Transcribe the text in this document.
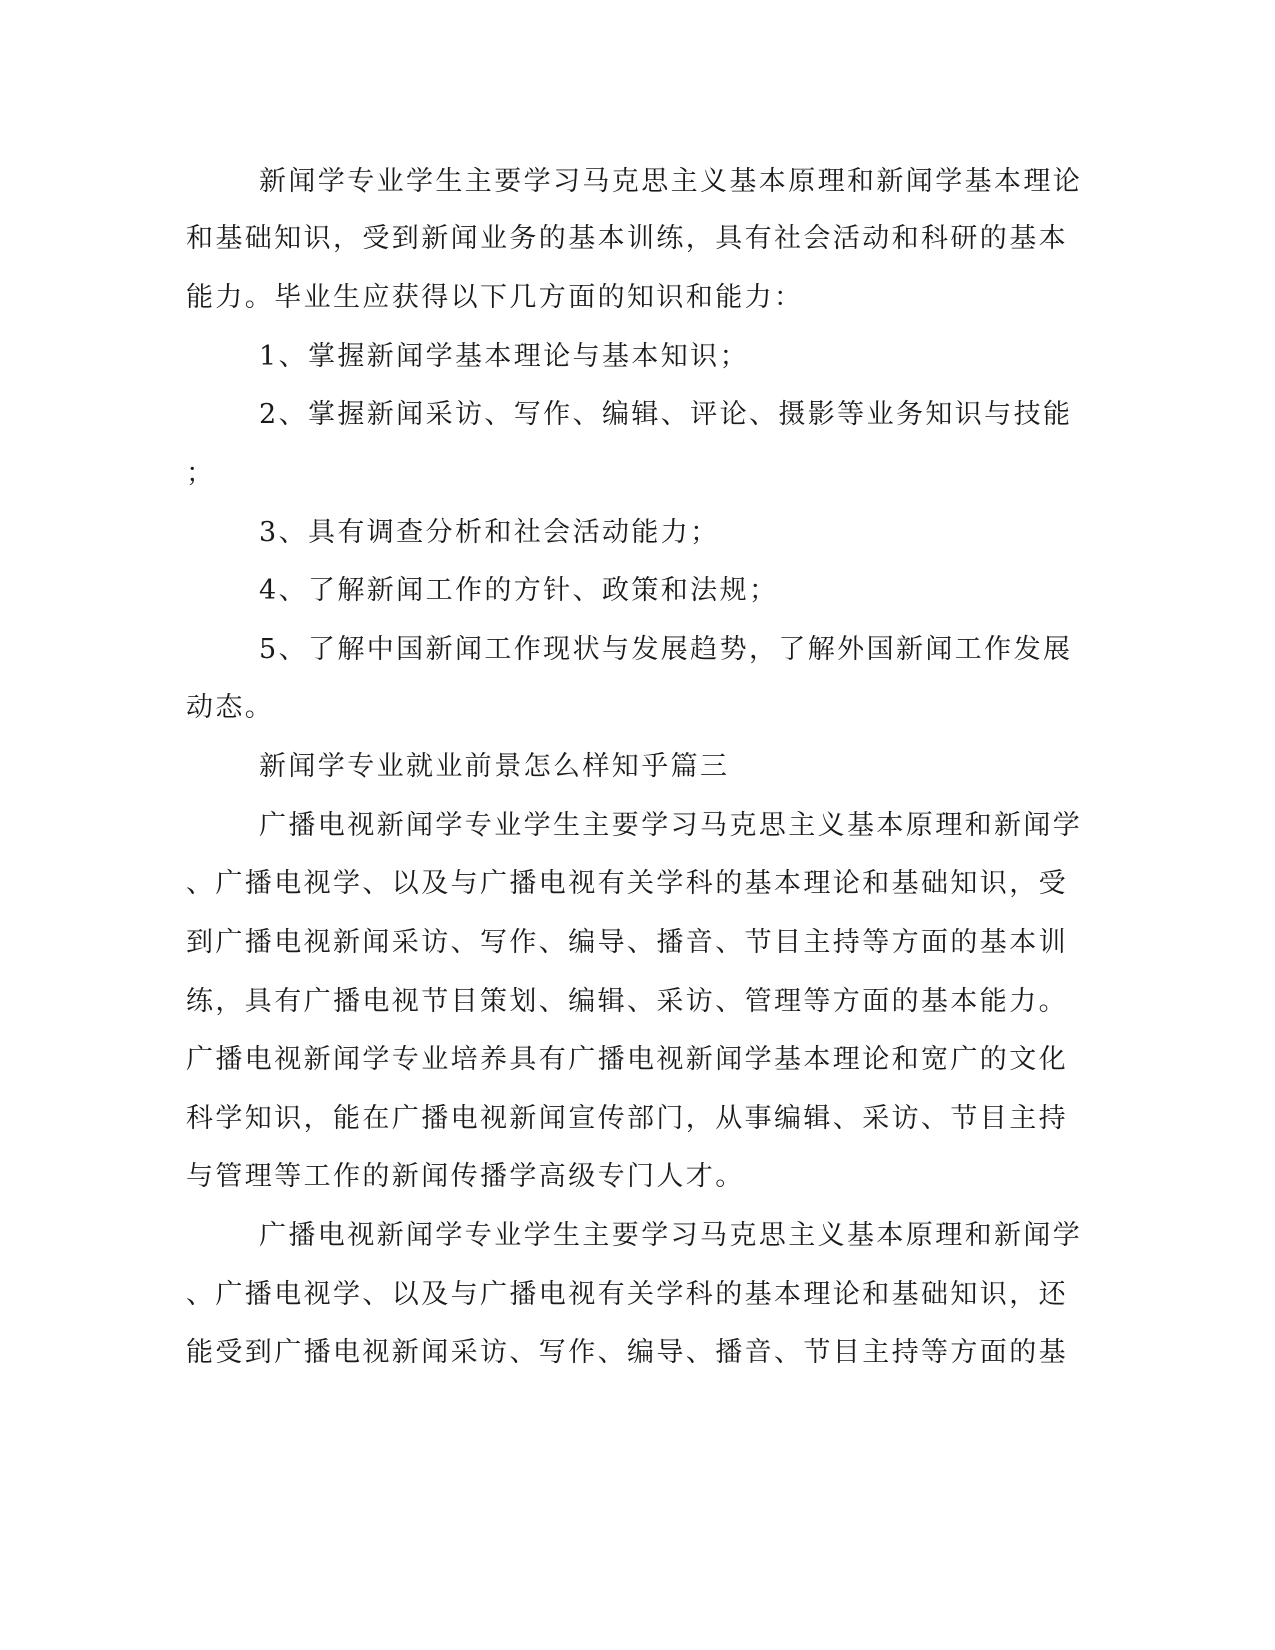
新闻学专业学生主要学习马克思主义基本原理和新闻学基本理论
和基础知识，受到新闻业务的基本训练，具有社会活动和科研的基本
能力。毕业生应获得以下几方面的知识和能力：
1、掌握新闻学基本理论与基本知识；
2、掌握新闻采访、写作、编辑、评论、摄影等业务知识与技能
；
3、具有调查分析和社会活动能力；
4、了解新闻工作的方针、政策和法规；
5、了解中国新闻工作现状与发展趋势，了解外国新闻工作发展
动态。
新闻学专业就业前景怎么样知乎篇三
广播电视新闻学专业学生主要学习马克思主义基本原理和新闻学
、广播电视学、以及与广播电视有关学科的基本理论和基础知识，受
到广播电视新闻采访、写作、编导、播音、节目主持等方面的基本训
练，具有广播电视节目策划、编辑、采访、管理等方面的基本能力。
广播电视新闻学专业培养具有广播电视新闻学基本理论和宽广的文化
科学知识，能在广播电视新闻宣传部门，从事编辑、采访、节目主持
与管理等工作的新闻传播学高级专门人才。
广播电视新闻学专业学生主要学习马克思主义基本原理和新闻学
、广播电视学、以及与广播电视有关学科的基本理论和基础知识，还
能受到广播电视新闻采访、写作、编导、播音、节目主持等方面的基
